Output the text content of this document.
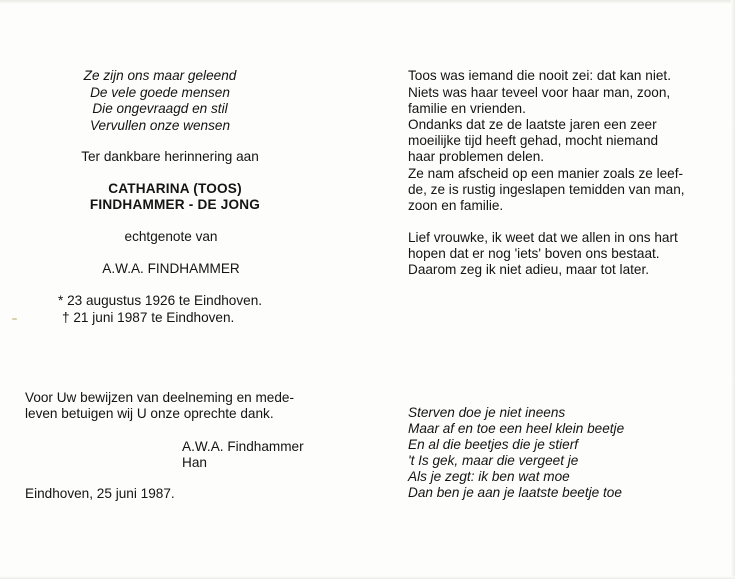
Ze zijn ons maar geleend
De vele goede mensen
Die ongevraagd en stil
Vervullen onze wensen
Ter dankbare herinnering aan
CATHARINA (TOOS)
FINDHAMMER - DE JONG
echtgenote van
A.W.A. FINDHAMMER
* 23 augustus 1926 te Eindhoven.
† 21 juni 1987 te Eindhoven.
Voor Uw bewijzen van deelneming en mede-
leven betuigen wij U onze oprechte dank.
A.W.A. Findhammer
Han
Eindhoven, 25 juni 1987.
Toos was iemand die nooit zei: dat kan niet.
Niets was haar teveel voor haar man, zoon,
familie en vrienden.
Ondanks dat ze de laatste jaren een zeer
moeilijke tijd heeft gehad, mocht niemand
haar problemen delen.
Ze nam afscheid op een manier zoals ze leef-
de, ze is rustig ingeslapen temidden van man,
zoon en familie.
Lief vrouwke, ik weet dat we allen in ons hart
hopen dat er nog 'iets' boven ons bestaat.
Daarom zeg ik niet adieu, maar tot later.
Sterven doe je niet ineens
Maar af en toe een heel klein beetje
En al die beetjes die je stierf
't Is gek, maar die vergeet je
Als je zegt: ik ben wat moe
Dan ben je aan je laatste beetje toe
